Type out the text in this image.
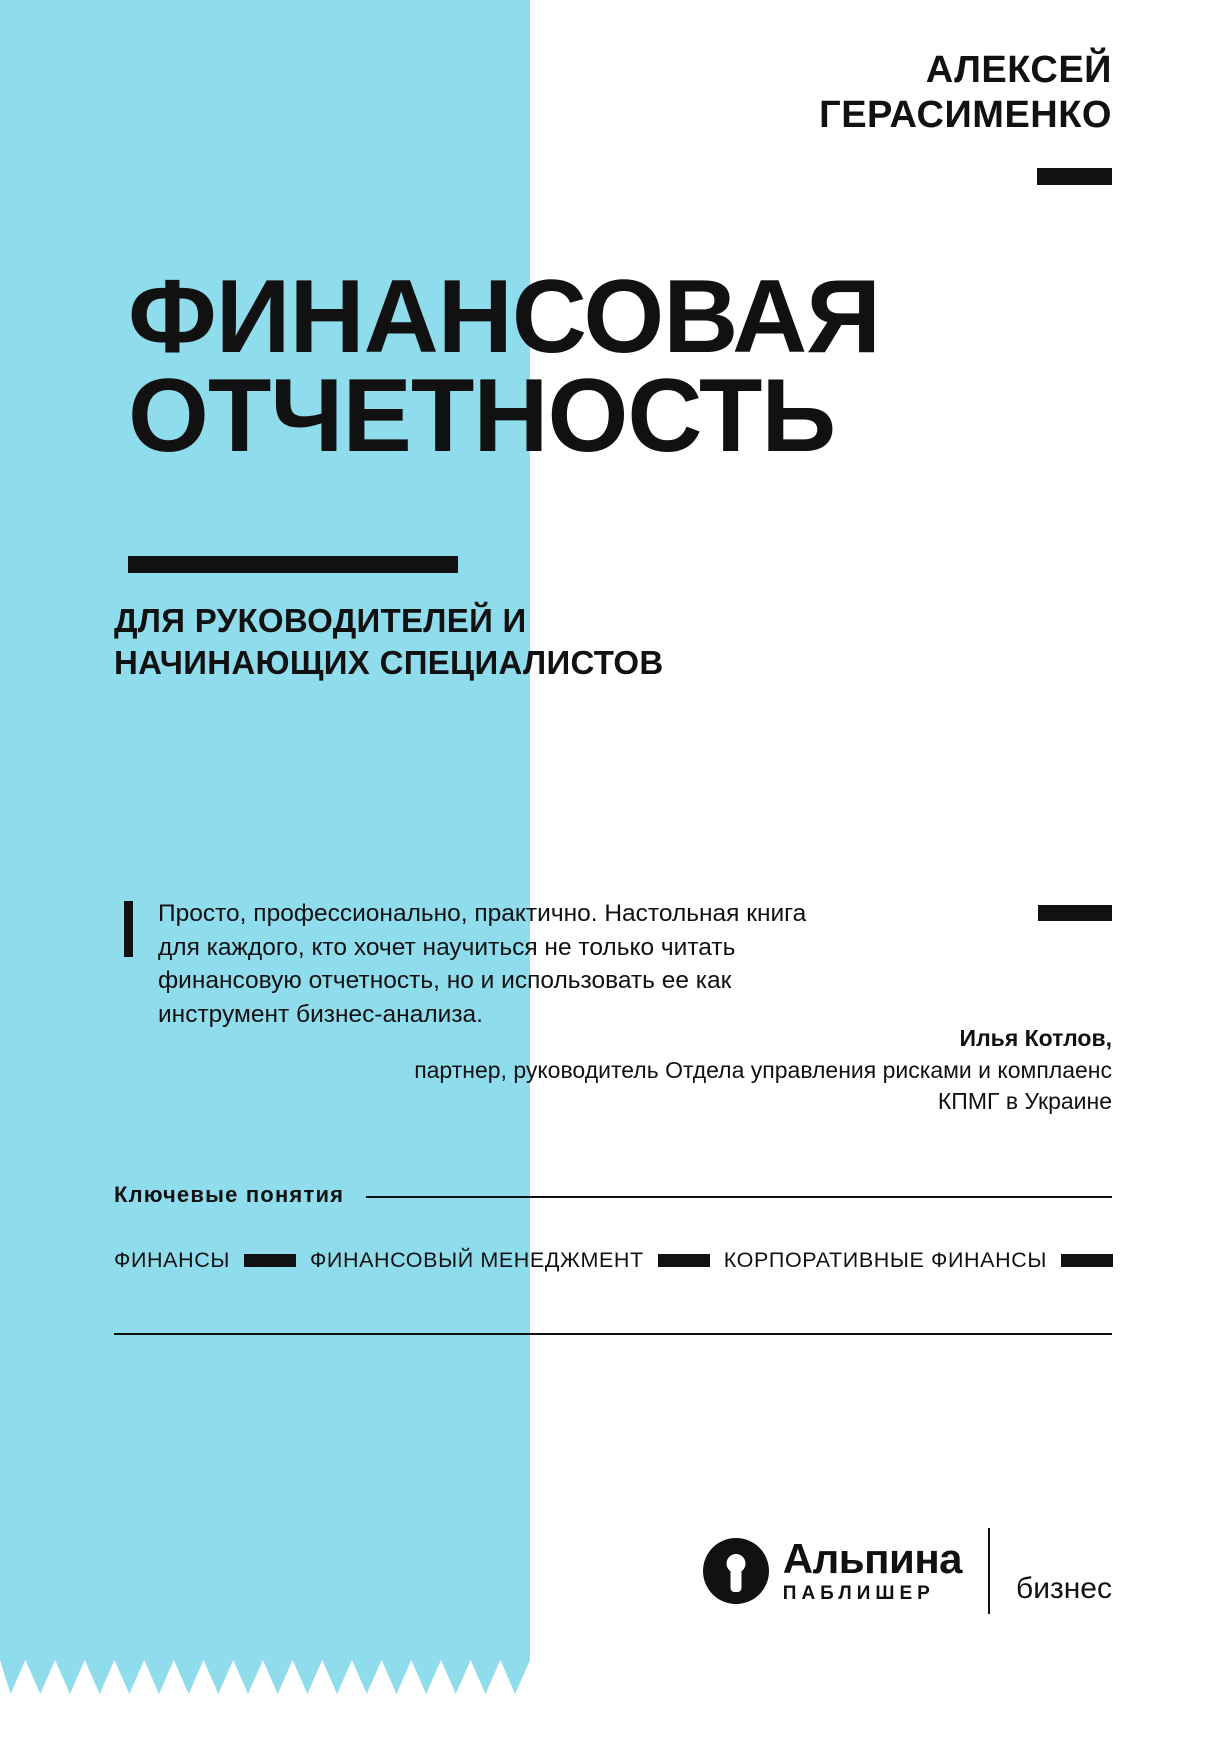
АЛЕКСЕЙ
ГЕРАСИМЕНКО
ФИНАНСОВАЯ
ОТЧЕТНОСТЬ
ДЛЯ РУКОВОДИТЕЛЕЙ И НАЧИНАЮЩИХ СПЕЦИАЛИСТОВ
Просто, профессионально, практично. Настольная книга для каждого, кто хочет научиться не только читать финансовую отчетность, но и использовать ее как инструмент бизнес-анализа.
Илья Котлов,
партнер, руководитель Отдела управления рисками и комплаенс КПМГ в Украине
Ключевые понятия
ФИНАНСЫ	ФИНАНСОВЫЙ МЕНЕДЖМЕНТ	КОРПОРАТИВНЫЕ ФИНАНСЫ
Альпина
ПАБЛИШЕР	бизнес
